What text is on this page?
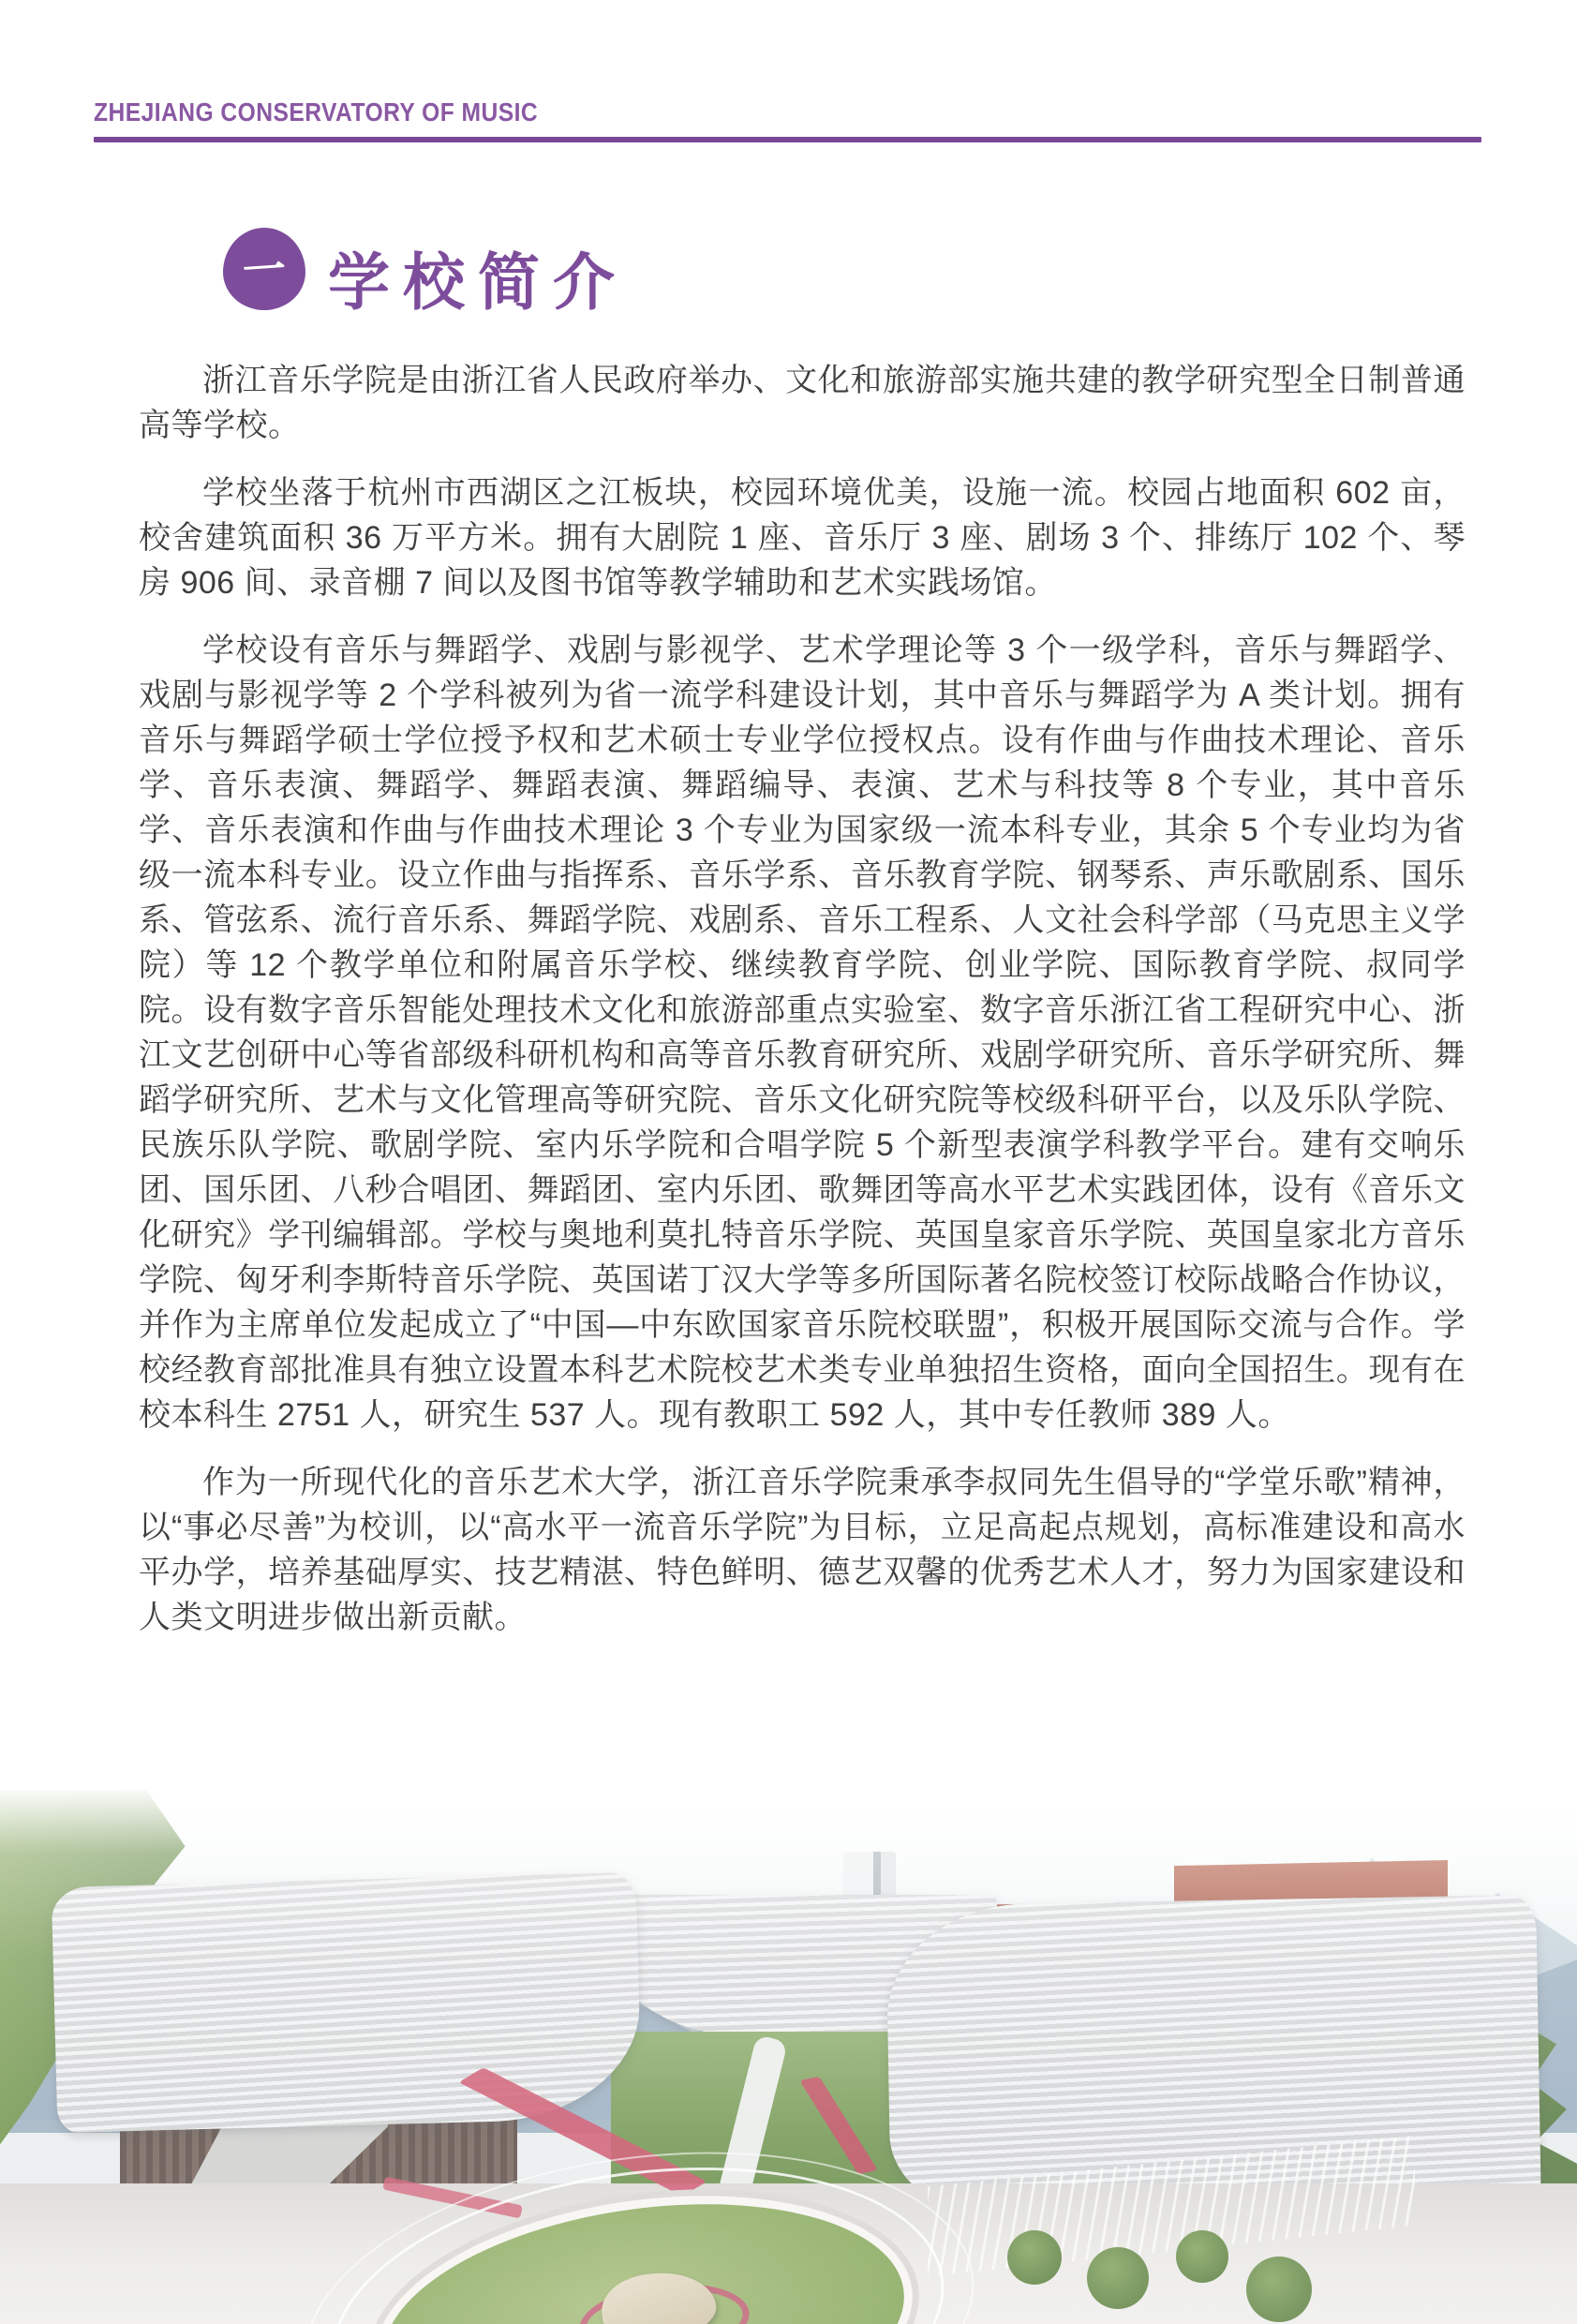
ZHEJIANG CONSERVATORY OF MUSIC
一 学校简介

浙江音乐学院是由浙江省人民政府举办、文化和旅游部实施共建的教学研究型全日制普通高等学校。

学校坐落于杭州市西湖区之江板块，校园环境优美，设施一流。校园占地面积 602 亩，校舍建筑面积 36 万平方米。拥有大剧院 1 座、音乐厅 3 座、剧场 3 个、排练厅 102 个、琴房 906 间、录音棚 7 间以及图书馆等教学辅助和艺术实践场馆。

学校设有音乐与舞蹈学、戏剧与影视学、艺术学理论等 3 个一级学科，音乐与舞蹈学、戏剧与影视学等 2 个学科被列为省一流学科建设计划，其中音乐与舞蹈学为 A 类计划。拥有音乐与舞蹈学硕士学位授予权和艺术硕士专业学位授权点。设有作曲与作曲技术理论、音乐学、音乐表演、舞蹈学、舞蹈表演、舞蹈编导、表演、艺术与科技等 8 个专业，其中音乐学、音乐表演和作曲与作曲技术理论 3 个专业为国家级一流本科专业，其余 5 个专业均为省级一流本科专业。设立作曲与指挥系、音乐学系、音乐教育学院、钢琴系、声乐歌剧系、国乐系、管弦系、流行音乐系、舞蹈学院、戏剧系、音乐工程系、人文社会科学部（马克思主义学院）等 12 个教学单位和附属音乐学校、继续教育学院、创业学院、国际教育学院、叔同学院。设有数字音乐智能处理技术文化和旅游部重点实验室、数字音乐浙江省工程研究中心、浙江文艺创研中心等省部级科研机构和高等音乐教育研究所、戏剧学研究所、音乐学研究所、舞蹈学研究所、艺术与文化管理高等研究院、音乐文化研究院等校级科研平台，以及乐队学院、民族乐队学院、歌剧学院、室内乐学院和合唱学院 5 个新型表演学科教学平台。建有交响乐团、国乐团、八秒合唱团、舞蹈团、室内乐团、歌舞团等高水平艺术实践团体，设有《音乐文化研究》学刊编辑部。学校与奥地利莫扎特音乐学院、英国皇家音乐学院、英国皇家北方音乐学院、匈牙利李斯特音乐学院、英国诺丁汉大学等多所国际著名院校签订校际战略合作协议，并作为主席单位发起成立了“中国—中东欧国家音乐院校联盟”，积极开展国际交流与合作。学校经教育部批准具有独立设置本科艺术院校艺术类专业单独招生资格，面向全国招生。现有在校本科生 2751 人，研究生 537 人。现有教职工 592 人，其中专任教师 389 人。

作为一所现代化的音乐艺术大学，浙江音乐学院秉承李叔同先生倡导的“学堂乐歌”精神，以“事必尽善”为校训，以“高水平一流音乐学院”为目标，立足高起点规划，高标准建设和高水平办学，培养基础厚实、技艺精湛、特色鲜明、德艺双馨的优秀艺术人才，努力为国家建设和人类文明进步做出新贡献。
